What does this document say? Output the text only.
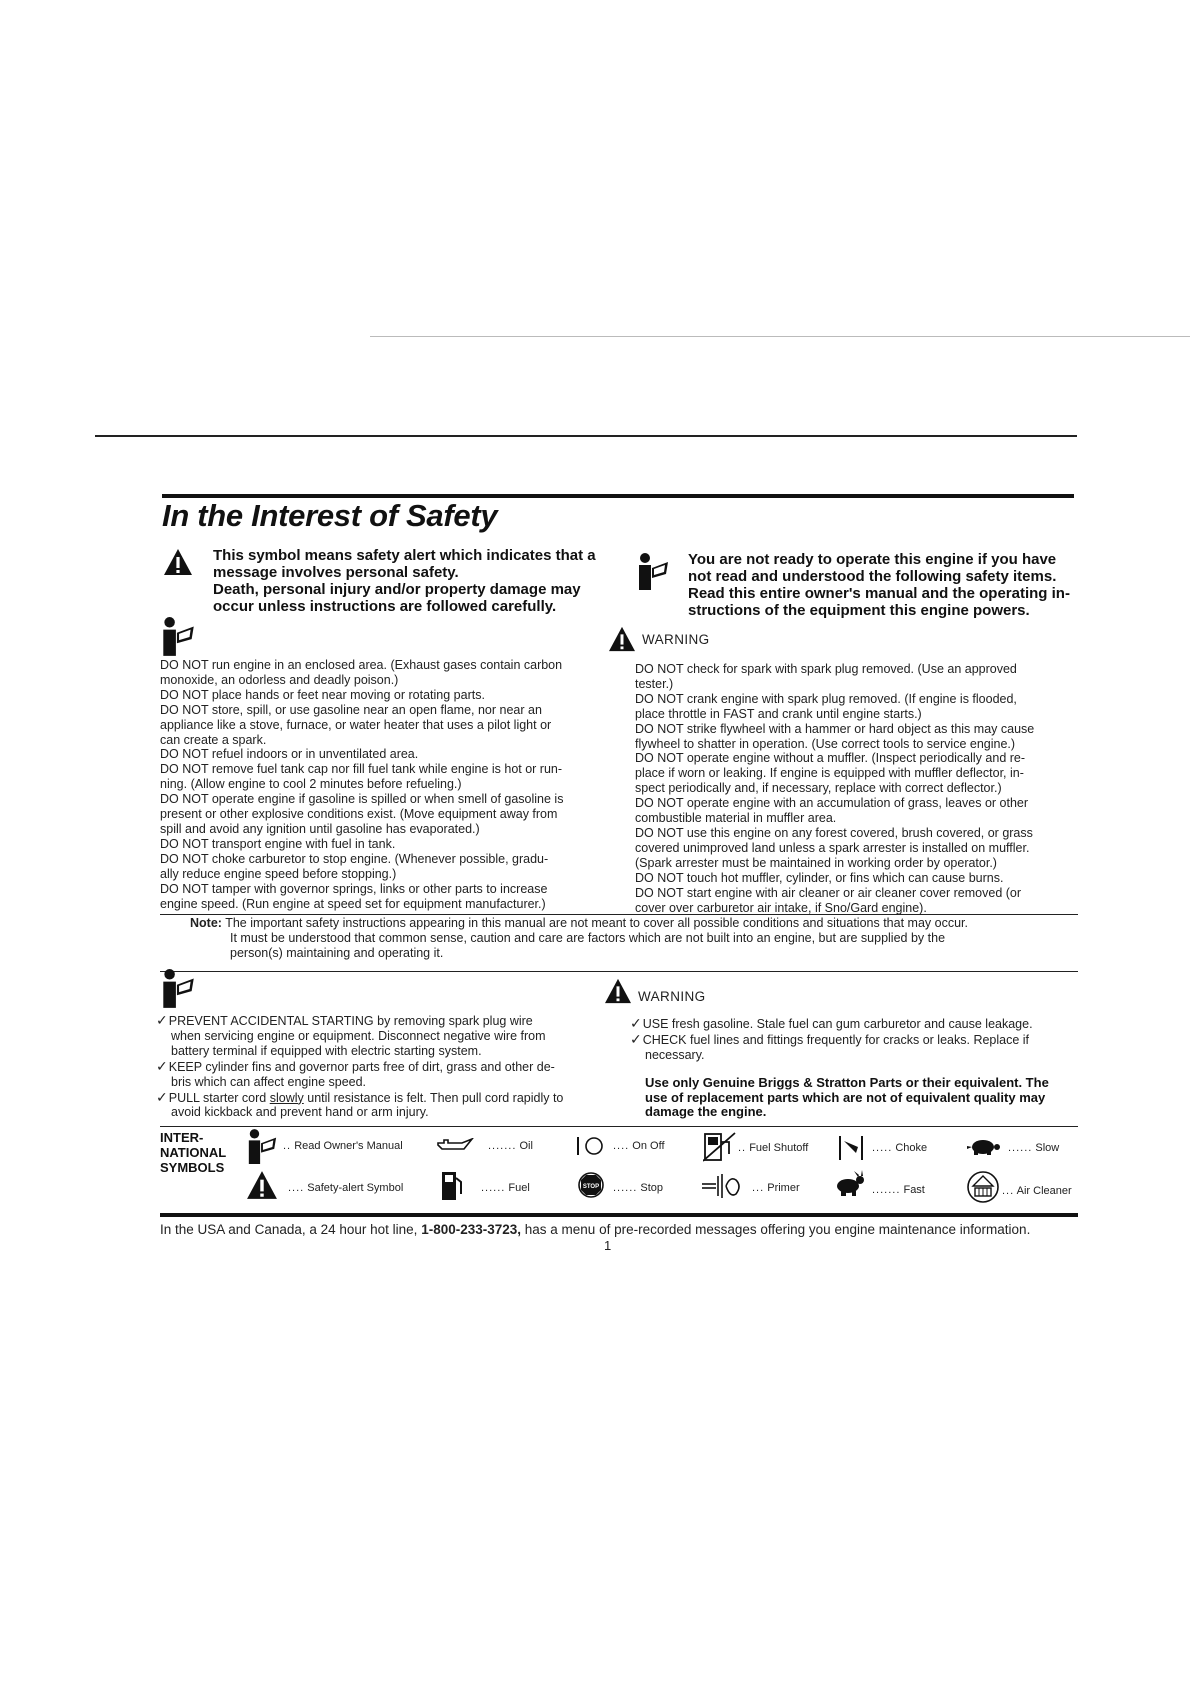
In the Interest of Safety
This symbol means safety alert which indicates that a
message involves personal safety.
Death, personal injury and/or property damage may
occur unless instructions are followed carefully.
You are not ready to operate this engine if you have
not read and understood the following safety items.
Read this entire owner's manual and the operating in-
structions of the equipment this engine powers.
WARNING

DO NOT run engine in an enclosed area. (Exhaust gases contain carbon

monoxide, an odorless and deadly poison.)

DO NOT place hands or feet near moving or rotating parts.

DO NOT store, spill, or use gasoline near an open flame, nor near an

appliance like a stove, furnace, or water heater that uses a pilot light or

can create a spark.

DO NOT refuel indoors or in unventilated area.

DO NOT remove fuel tank cap nor fill fuel tank while engine is hot or run-

ning. (Allow engine to cool 2 minutes before refueling.)

DO NOT operate engine if gasoline is spilled or when smell of gasoline is

present or other explosive conditions exist. (Move equipment away from

spill and avoid any ignition until gasoline has evaporated.)

DO NOT transport engine with fuel in tank.

DO NOT choke carburetor to stop engine. (Whenever possible, gradu-

ally reduce engine speed before stopping.)

DO NOT tamper with governor springs, links or other parts to increase

engine speed. (Run engine at speed set for equipment manufacturer.)

DO NOT check for spark with spark plug removed. (Use an approved

tester.)

DO NOT crank engine with spark plug removed. (If engine is flooded,

place throttle in FAST and crank until engine starts.)

DO NOT strike flywheel with a hammer or hard object as this may cause

flywheel to shatter in operation. (Use correct tools to service engine.)

DO NOT operate engine without a muffler. (Inspect periodically and re-

place if worn or leaking. If engine is equipped with muffler deflector, in-

spect periodically and, if necessary, replace with correct deflector.)

DO NOT operate engine with an accumulation of grass, leaves or other

combustible material in muffler area.

DO NOT use this engine on any forest covered, brush covered, or grass

covered unimproved land unless a spark arrester is installed on muffler.

(Spark arrester must be maintained in working order by operator.)

DO NOT touch hot muffler, cylinder, or fins which can cause burns.

DO NOT start engine with air cleaner or air cleaner cover removed (or

cover over carburetor air intake, if Sno/Gard engine).

Note: The important safety instructions appearing in this manual are not meant to cover all possible conditions and situations that may occur.

It must be understood that common sense, caution and care are factors which are not built into an engine, but are supplied by the

person(s) maintaining and operating it.

WARNING

✓PREVENT ACCIDENTAL STARTING by removing spark plug wire

when servicing engine or equipment. Disconnect negative wire from

battery terminal if equipped with electric starting system.

✓KEEP cylinder fins and governor parts free of dirt, grass and other de-

bris which can affect engine speed.

✓PULL starter cord slowly until resistance is felt. Then pull cord rapidly to

avoid kickback and prevent hand or arm injury.

✓USE fresh gasoline. Stale fuel can gum carburetor and cause leakage.

✓CHECK fuel lines and fittings frequently for cracks or leaks. Replace if

necessary.

Use only Genuine Briggs & Stratton Parts or their equivalent. The
use of replacement parts which are not of equivalent quality may
damage the engine.
INTER-
NATIONAL
SYMBOLS
.. Read Owner's Manual	....... Oil	.... On Off	.. Fuel Shutoff	..... Choke	...... Slow
.... Safety-alert Symbol	...... Fuel	STOP ...... Stop	... Primer	....... Fast	... Air Cleaner
In the USA and Canada, a 24 hour hot line, 1-800-233-3723, has a menu of pre-recorded messages offering you engine maintenance information.
1
